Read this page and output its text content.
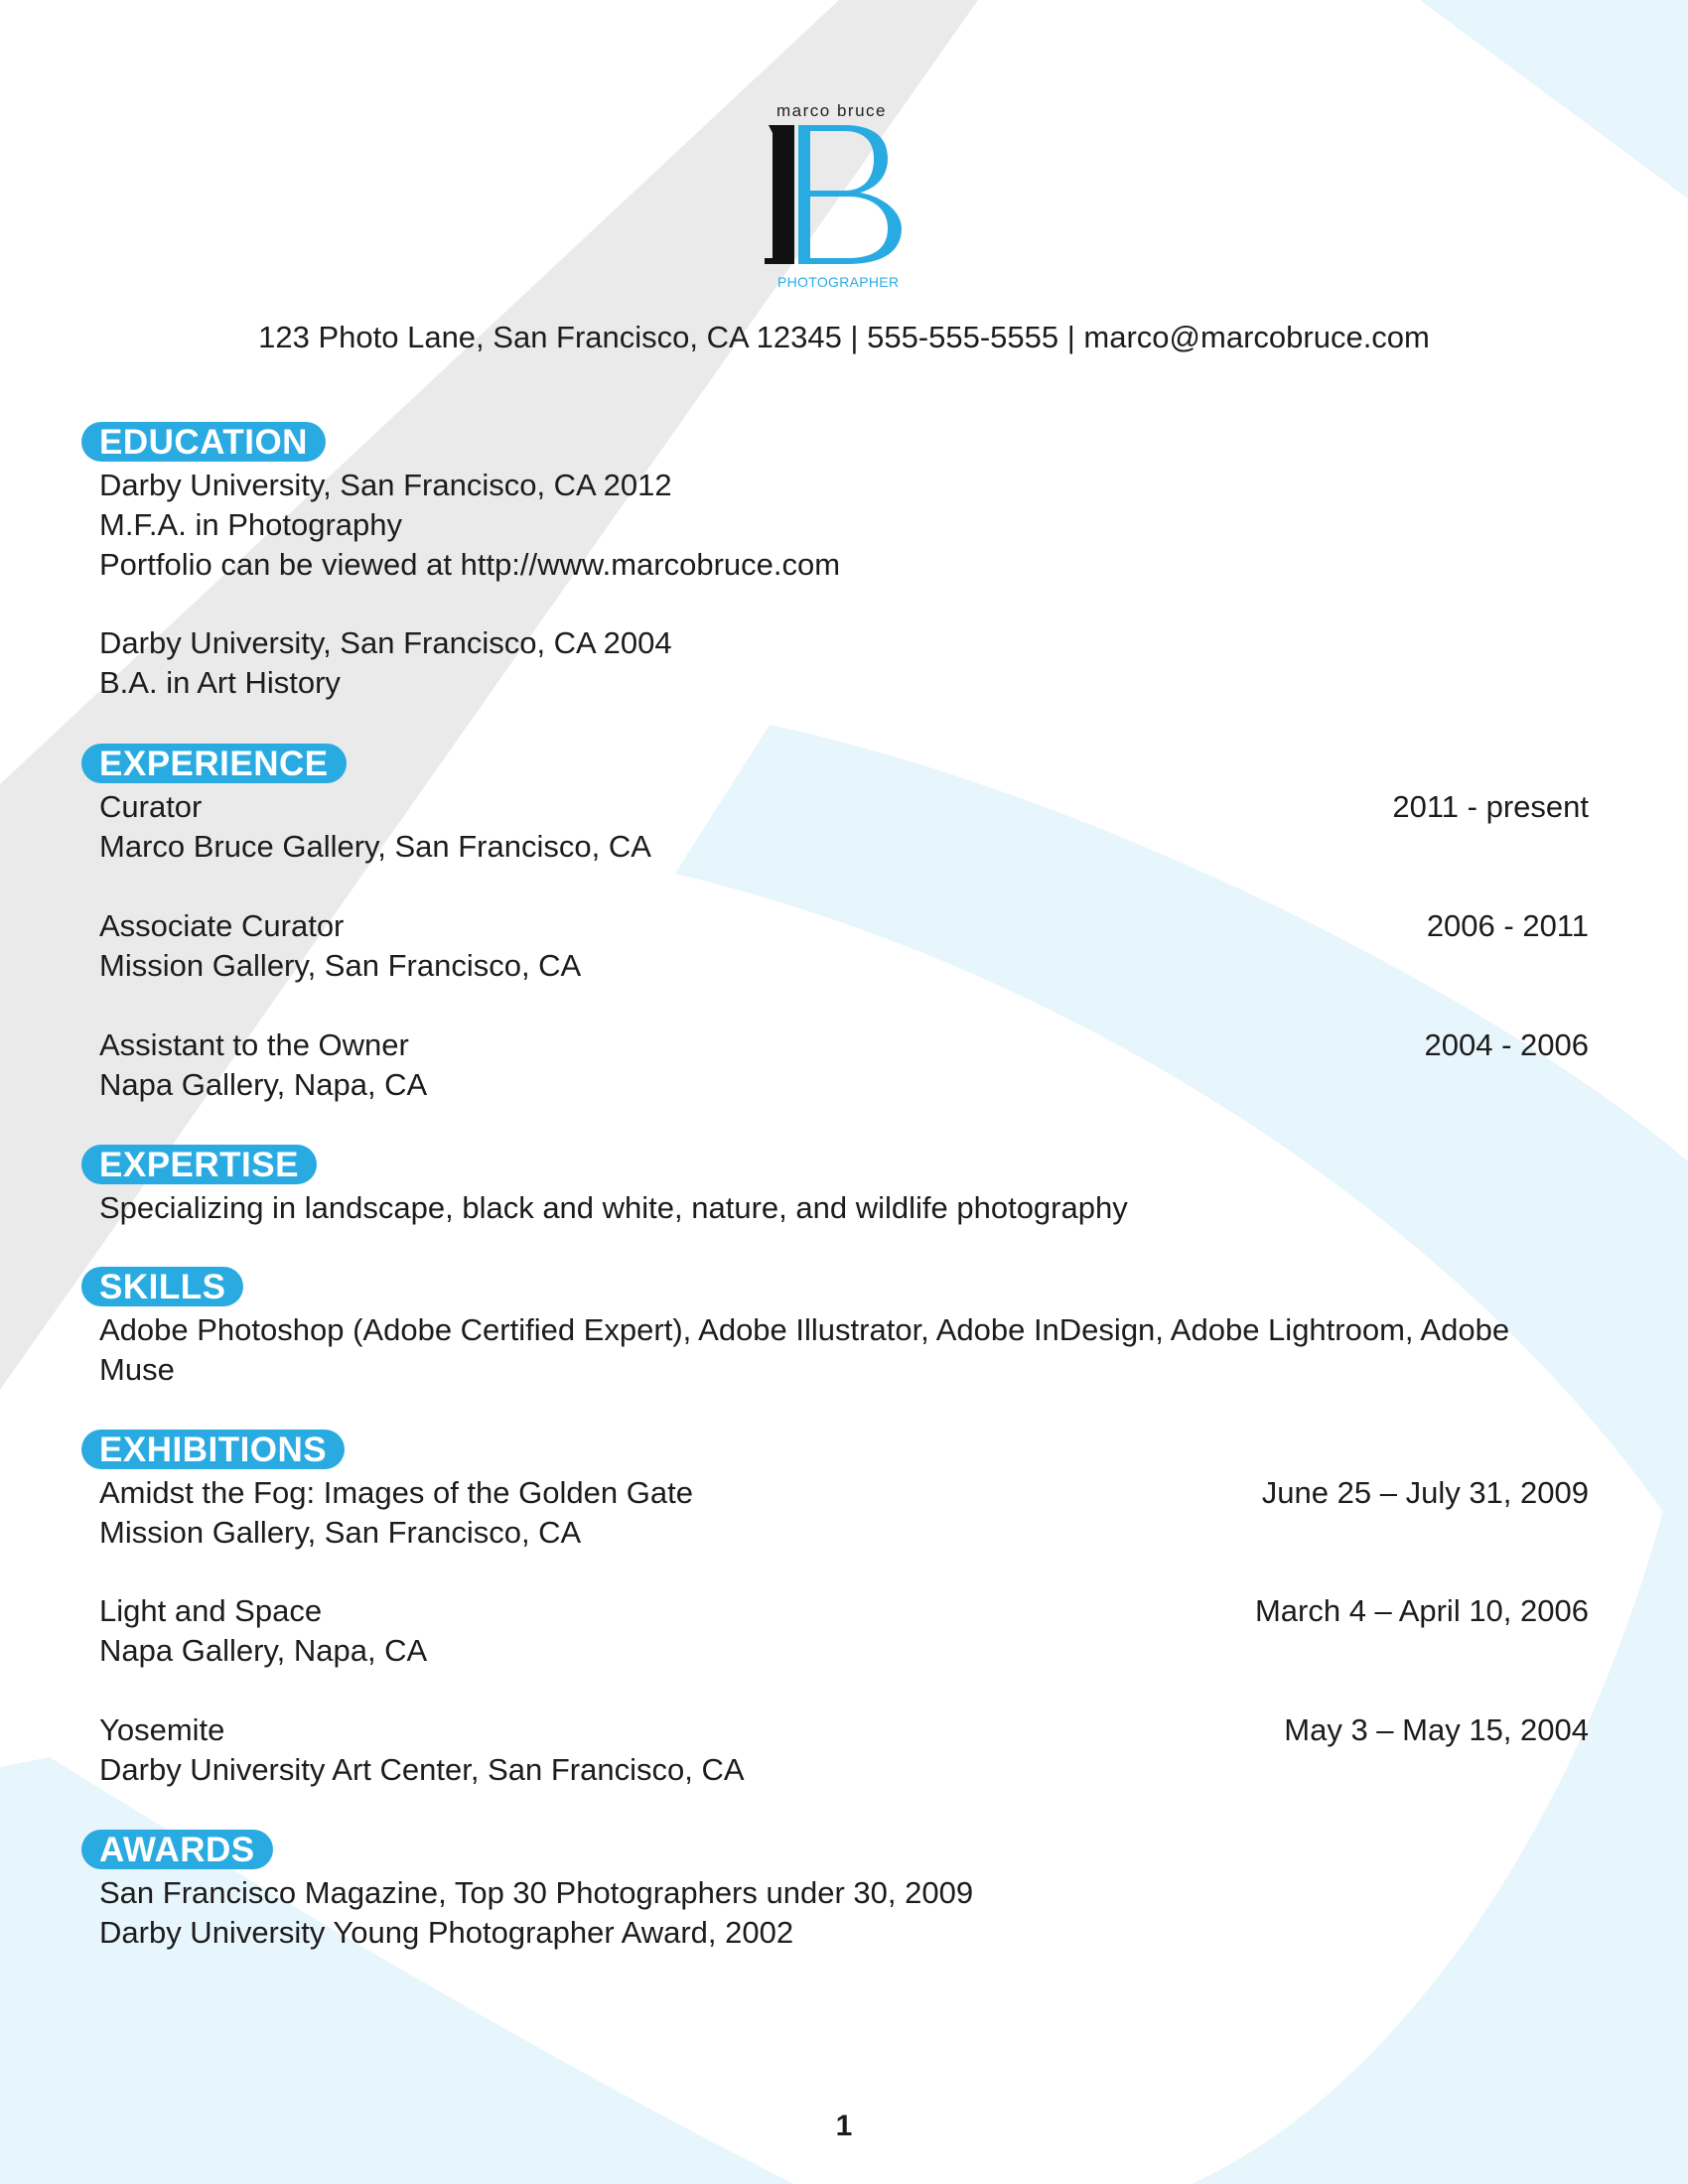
marco bruce
PHOTOGRAPHER
123 Photo Lane, San Francisco, CA 12345 | 555-555-5555 | marco@marcobruce.com
EDUCATION
Darby University, San Francisco, CA 2012
M.F.A. in Photography
Portfolio can be viewed at http://www.marcobruce.com
Darby University, San Francisco, CA 2004
B.A. in Art History
EXPERIENCE
Curator	2011 - present
Marco Bruce Gallery, San Francisco, CA
Associate Curator	2006 - 2011
Mission Gallery, San Francisco, CA
Assistant to the Owner	2004 - 2006
Napa Gallery, Napa, CA
EXPERTISE
Specializing in landscape, black and white, nature, and wildlife photography
SKILLS
Adobe Photoshop (Adobe Certified Expert), Adobe Illustrator, Adobe InDesign, Adobe Lightroom, Adobe
Muse
EXHIBITIONS
Amidst the Fog: Images of the Golden Gate	June 25 – July 31, 2009
Mission Gallery, San Francisco, CA
Light and Space	March 4 – April 10, 2006
Napa Gallery, Napa, CA
Yosemite	May 3 – May 15, 2004
Darby University Art Center, San Francisco, CA
AWARDS
San Francisco Magazine, Top 30 Photographers under 30, 2009
Darby University Young Photographer Award, 2002
1
